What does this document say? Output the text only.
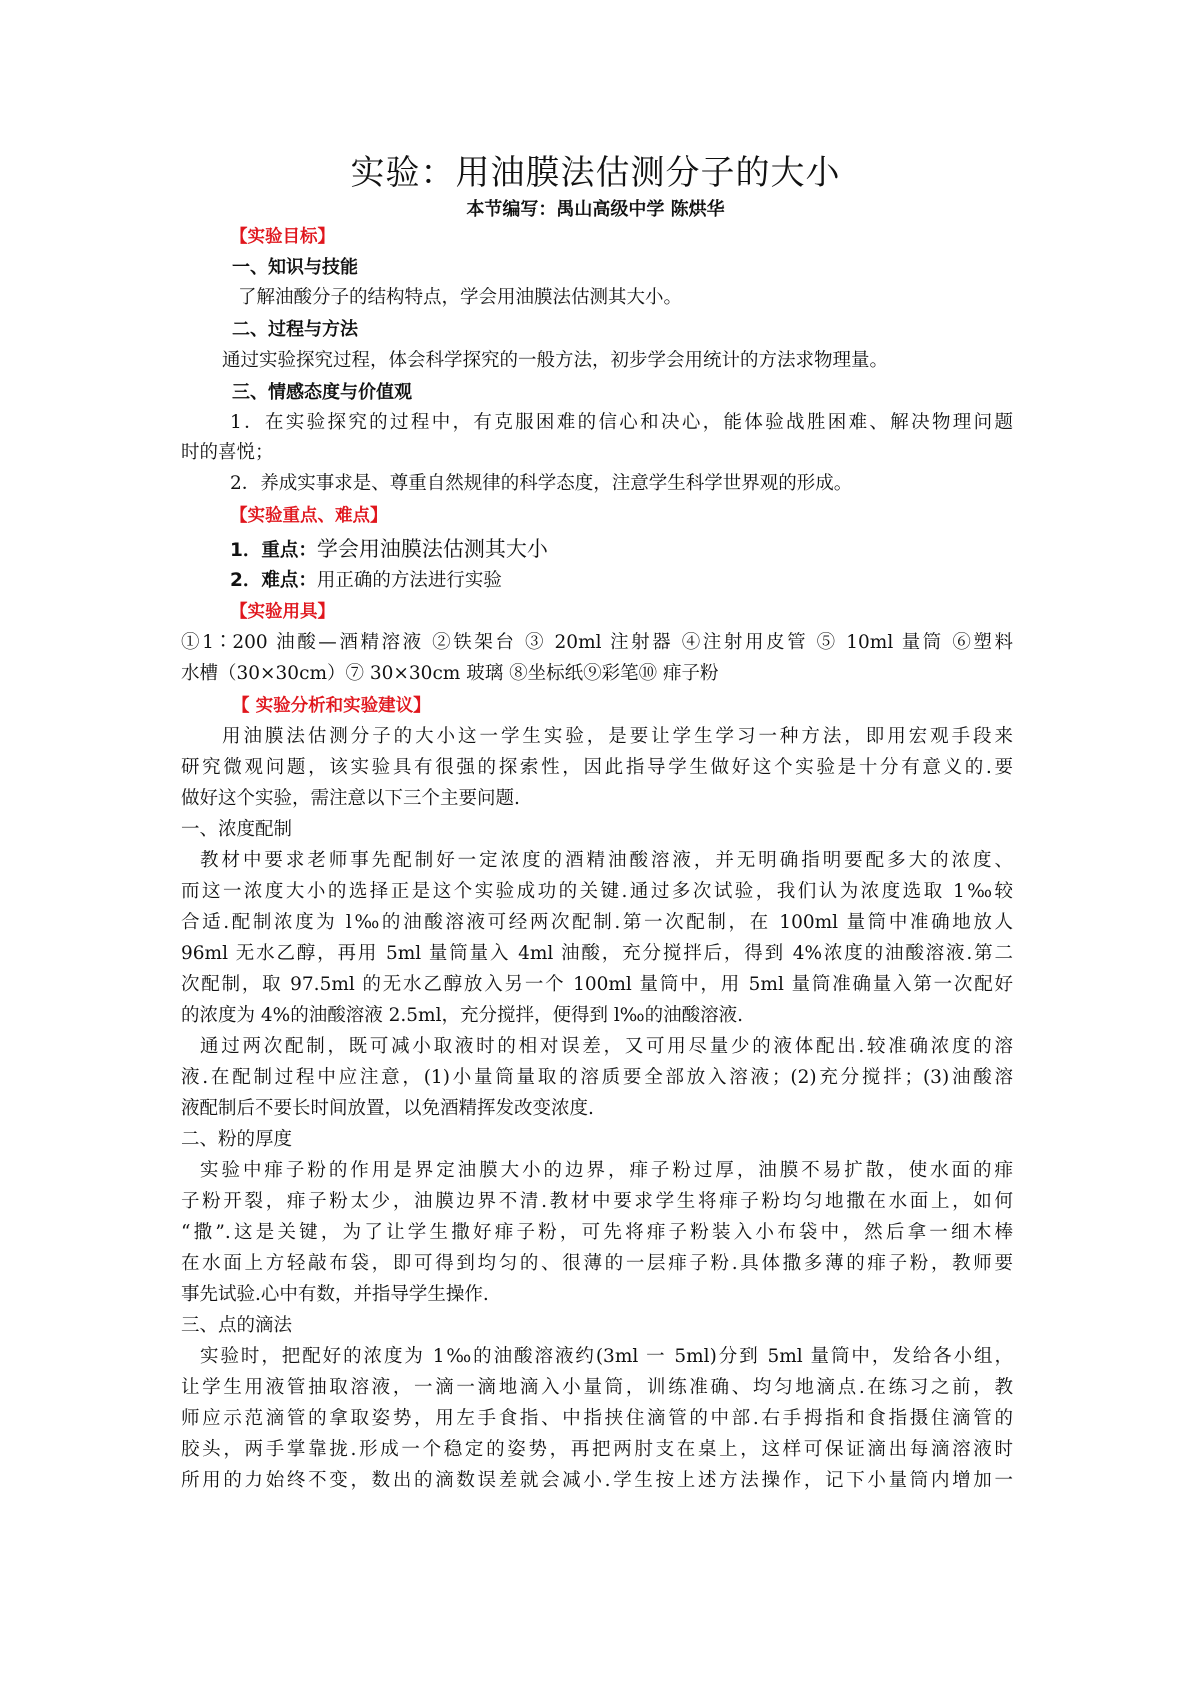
实验：用油膜法估测分子的大小
本节编写：禺山高级中学 陈烘华
【实验目标】
一、知识与技能
了解油酸分子的结构特点，学会用油膜法估测其大小。
二、过程与方法
通过实验探究过程，体会科学探究的一般方法，初步学会用统计的方法求物理量。
三、情感态度与价值观
1．在实验探究的过程中，有克服困难的信心和决心，能体验战胜困难、解决物理问题
时的喜悦；
2．养成实事求是、尊重自然规律的科学态度，注意学生科学世界观的形成。
【实验重点、难点】
1．重点：学会用油膜法估测其大小
2．难点：用正确的方法进行实验
【实验用具】
①1∶200 油酸—酒精溶液 ②铁架台 ③ 20ml 注射器 ④注射用皮管 ⑤ 10ml 量筒 ⑥塑料
水槽（30×30cm）⑦ 30×30cm 玻璃 ⑧坐标纸⑨彩笔⑩ 痱子粉
【 实验分析和实验建议】
用油膜法估测分子的大小这一学生实验，是要让学生学习一种方法，即用宏观手段来
研究微观问题，该实验具有很强的探索性，因此指导学生做好这个实验是十分有意义的.要
做好这个实验，需注意以下三个主要问题.
一、浓度配制
教材中要求老师事先配制好一定浓度的酒精油酸溶液，并无明确指明要配多大的浓度、
而这一浓度大小的选择正是这个实验成功的关键.通过多次试验，我们认为浓度选取 1‰较
合适.配制浓度为 l‰的油酸溶液可经两次配制.第一次配制，在 100ml 量筒中准确地放人
96ml 无水乙醇，再用 5ml 量筒量入 4ml 油酸，充分搅拌后，得到 4%浓度的油酸溶液.第二
次配制，取 97.5ml 的无水乙醇放入另一个 100ml 量筒中，用 5ml 量筒准确量入第一次配好
的浓度为 4%的油酸溶液 2.5ml，充分搅拌，便得到 l‰的油酸溶液.
通过两次配制，既可减小取液时的相对误差，又可用尽量少的液体配出.较准确浓度的溶
液.在配制过程中应注意，(1)小量筒量取的溶质要全部放入溶液；(2)充分搅拌；(3)油酸溶
液配制后不要长时间放置，以免酒精挥发改变浓度.
二、粉的厚度
实验中痱子粉的作用是界定油膜大小的边界，痱子粉过厚，油膜不易扩散，使水面的痱
子粉开裂，痱子粉太少，油膜边界不清.教材中要求学生将痱子粉均匀地撒在水面上，如何
“撒”.这是关键，为了让学生撒好痱子粉，可先将痱子粉装入小布袋中，然后拿一细木棒
在水面上方轻敲布袋，即可得到均匀的、很薄的一层痱子粉.具体撒多薄的痱子粉，教师要
事先试验.心中有数，并指导学生操作.
三、点的滴法
实验时，把配好的浓度为 1‰的油酸溶液约(3ml 一 5ml)分到 5ml 量筒中，发给各小组，
让学生用液管抽取溶液，一滴一滴地滴入小量筒，训练准确、均匀地滴点.在练习之前，教
师应示范滴管的拿取姿势，用左手食指、中指挟住滴管的中部.右手拇指和食指摄住滴管的
胶头，两手掌靠拢.形成一个稳定的姿势，再把两肘支在桌上，这样可保证滴出每滴溶液时
所用的力始终不变，数出的滴数误差就会减小.学生按上述方法操作，记下小量筒内增加一
